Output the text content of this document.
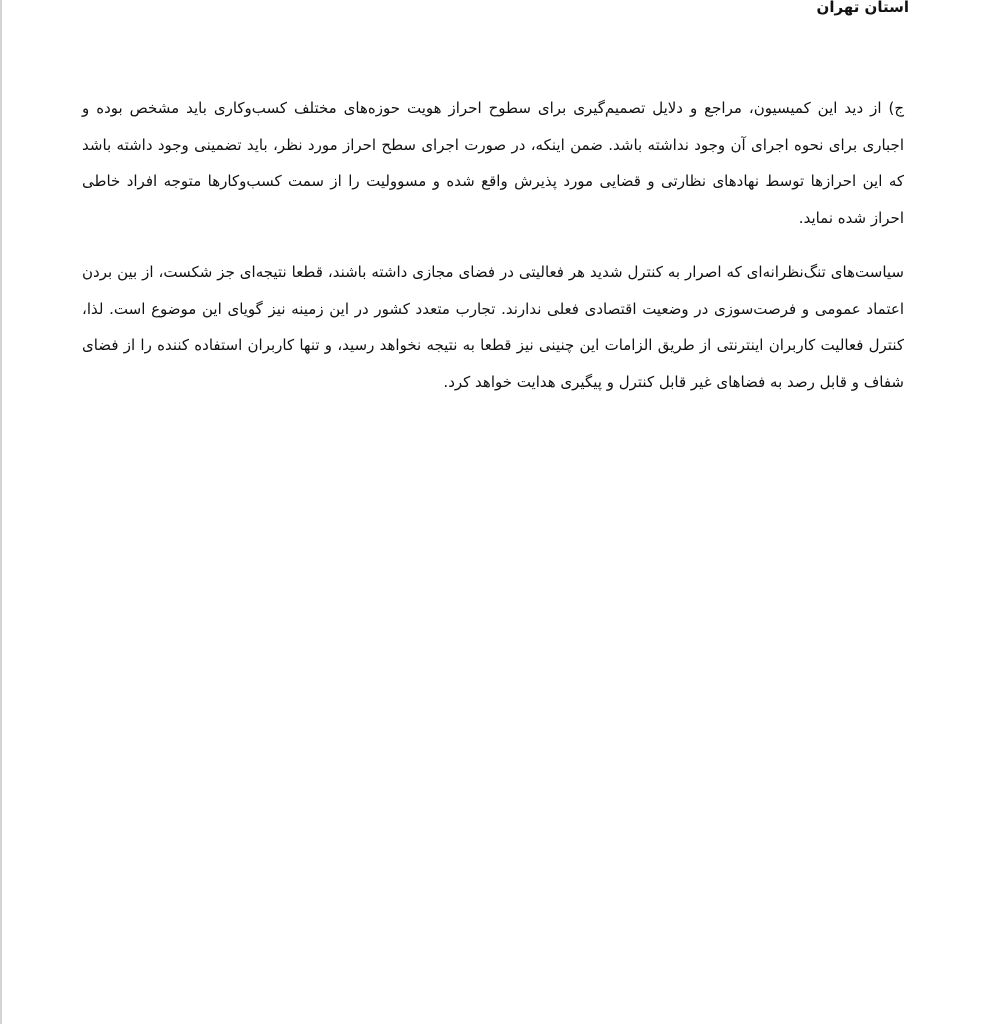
استان تهران

ج) از دید این کمیسیون، مراجع و دلایل تصمیم‌گیری برای سطوح احراز هویت حوزه‌های مختلف کسب‌وکاری باید مشخص بوده و اجباری برای نحوه اجرای آن وجود نداشته باشد. ضمن اینکه، در صورت اجرای سطح احراز مورد نظر، باید تضمینی وجود داشته باشد که این احرازها توسط نهادهای نظارتی و قضایی مورد پذیرش واقع شده و مسوولیت را از سمت کسب‌وکارها متوجه افراد خاطی احراز شده نماید.

سیاست‌های تنگ‌نظرانه‌ای که اصرار به کنترل شدید هر فعالیتی در فضای مجازی داشته باشند، قطعا نتیجه‌ای جز شکست، از بین بردن اعتماد عمومی و فرصت‌سوزی در وضعیت اقتصادی فعلی ندارند. تجارب متعدد کشور در این زمینه نیز گویای این موضوع است. لذا، کنترل فعالیت کاربران اینترنتی از طریق الزامات این چنینی نیز قطعا به نتیجه نخواهد رسید، و تنها کاربران استفاده کننده را از فضای شفاف و قابل رصد به فضاهای غیر قابل کنترل و پیگیری هدایت خواهد کرد.
